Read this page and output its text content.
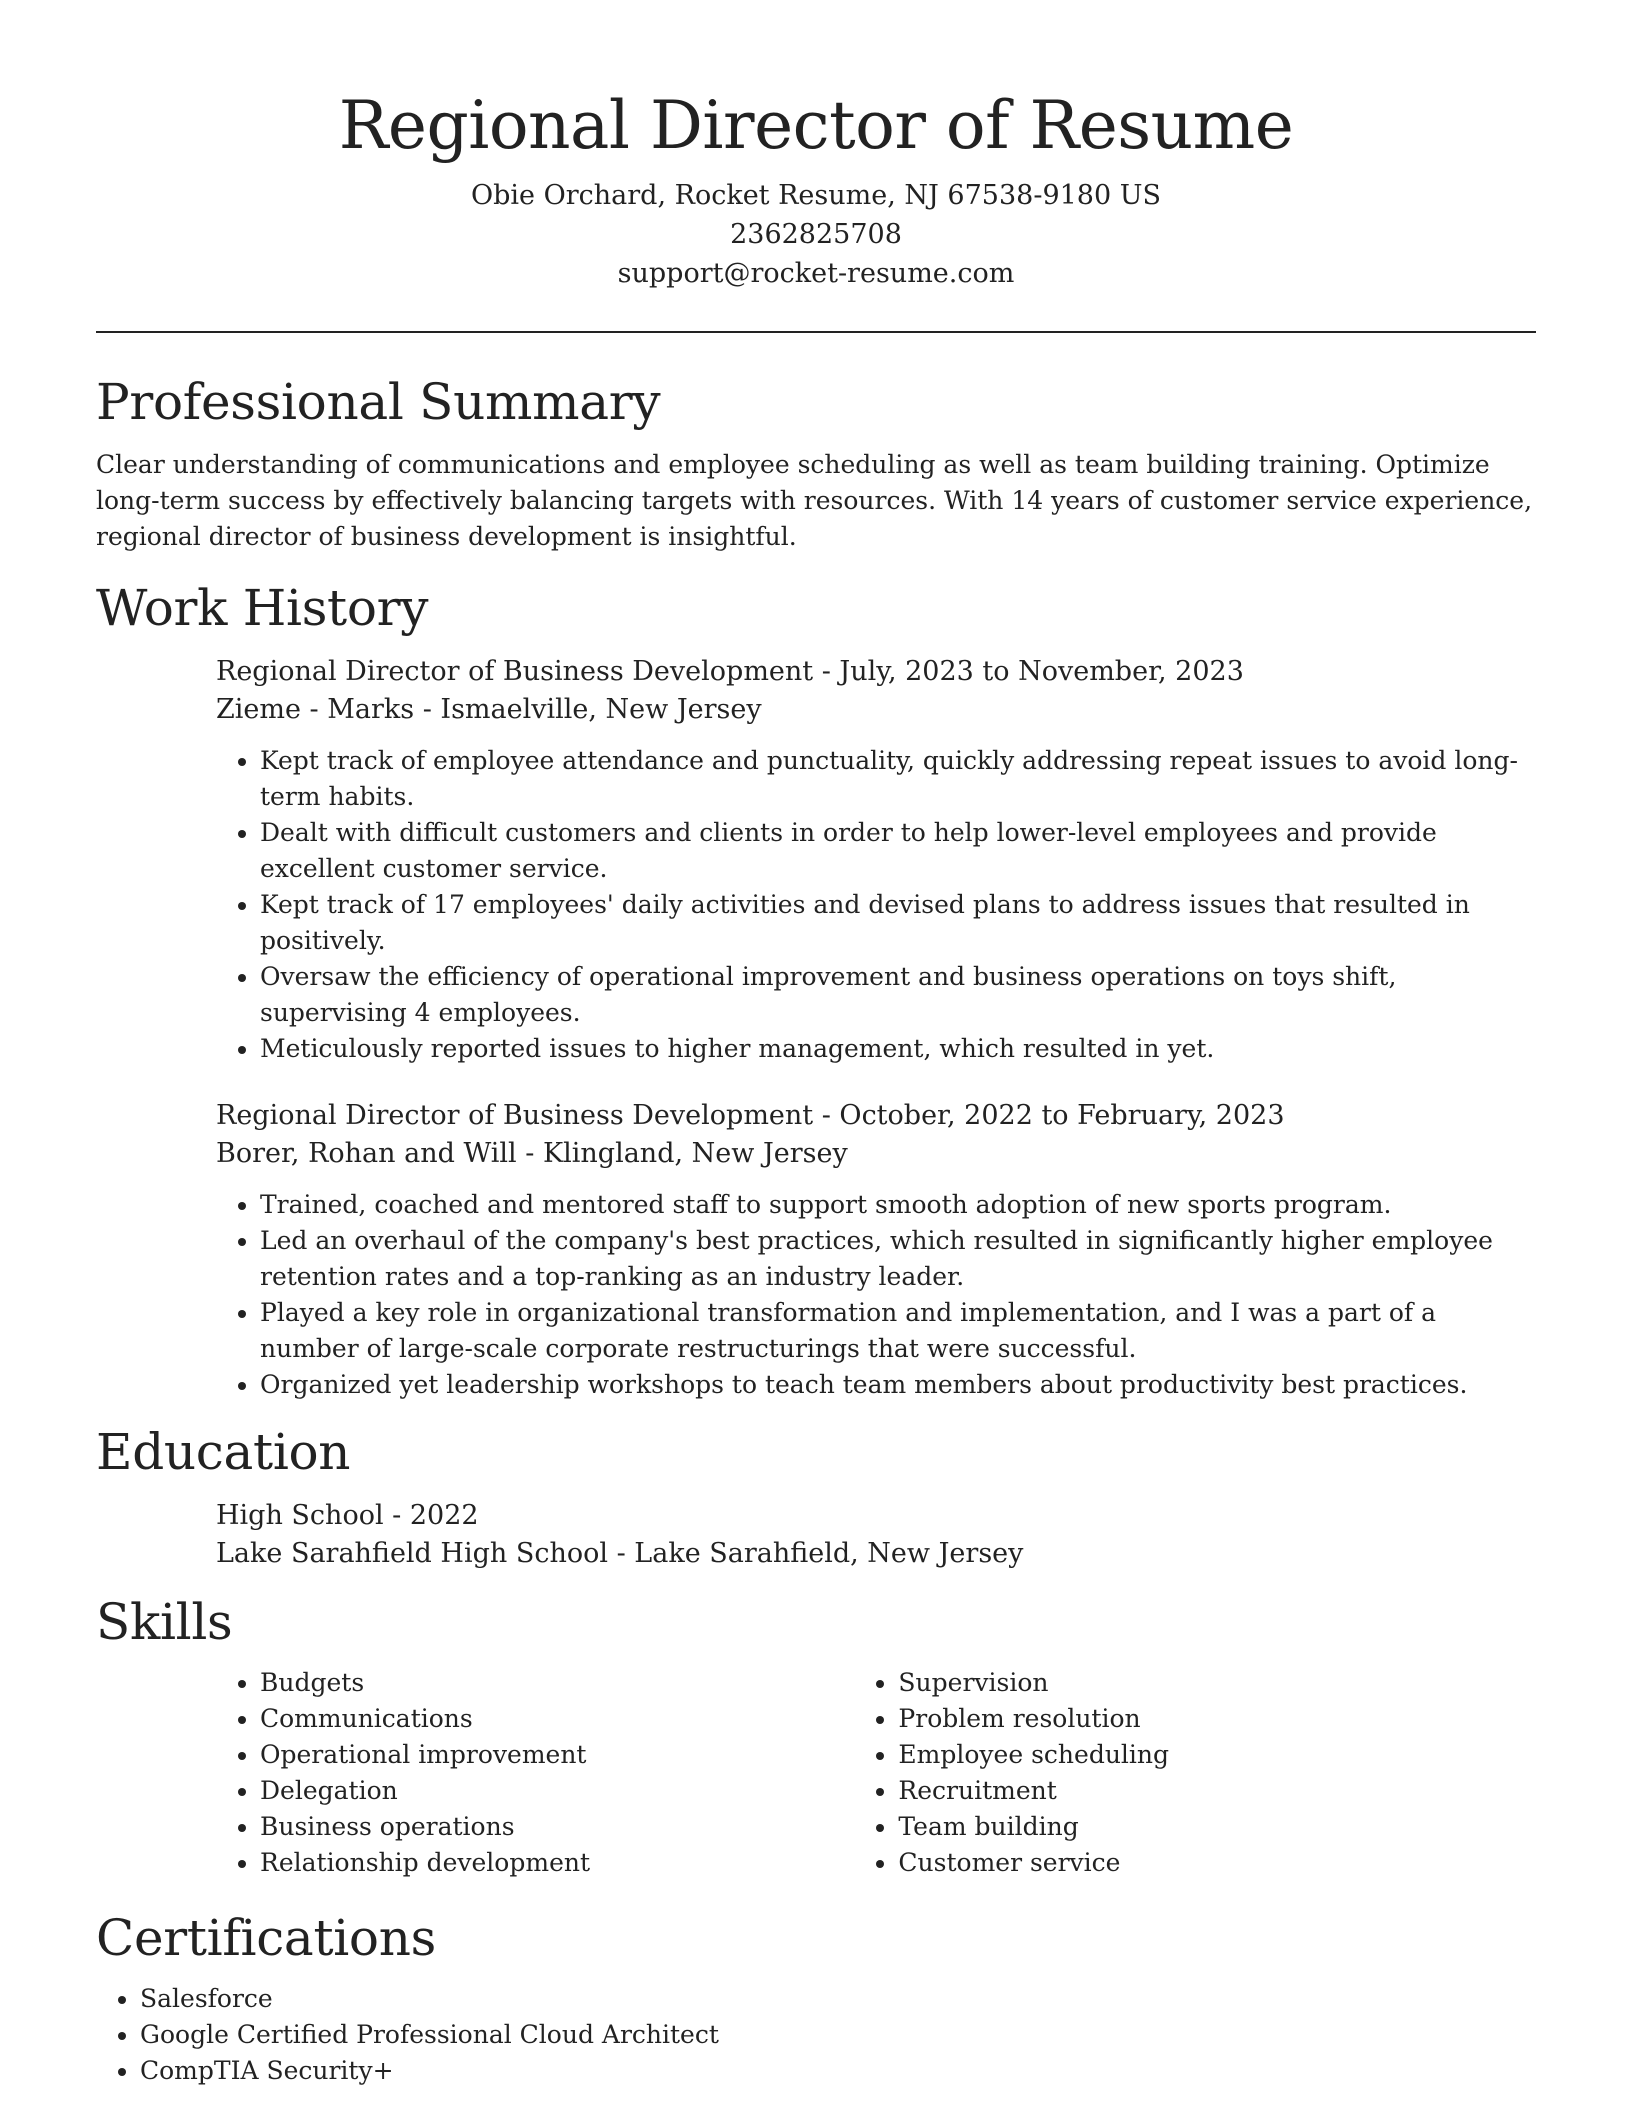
Regional Director of Resume
Obie Orchard, Rocket Resume, NJ 67538-9180 US
2362825708
support@rocket-resume.com
Professional Summary

Clear understanding of communications and employee scheduling as well as team building training. Optimize long-term success by effectively balancing targets with resources. With 14 years of customer service experience, regional director of business development is insightful.

Work History
Regional Director of Business Development - July, 2023 to November, 2023
Zieme - Marks - Ismaelville, New Jersey
• Kept track of employee attendance and punctuality, quickly addressing repeat issues to avoid long-term habits.
• Dealt with difficult customers and clients in order to help lower-level employees and provide excellent customer service.
• Kept track of 17 employees' daily activities and devised plans to address issues that resulted in positively.
• Oversaw the efficiency of operational improvement and business operations on toys shift, supervising 4 employees.
• Meticulously reported issues to higher management, which resulted in yet.
Regional Director of Business Development - October, 2022 to February, 2023
Borer, Rohan and Will - Klingland, New Jersey
• Trained, coached and mentored staff to support smooth adoption of new sports program.
• Led an overhaul of the company's best practices, which resulted in significantly higher employee retention rates and a top-ranking as an industry leader.
• Played a key role in organizational transformation and implementation, and I was a part of a number of large-scale corporate restructurings that were successful.
• Organized yet leadership workshops to teach team members about productivity best practices.
Education
High School - 2022
Lake Sarahfield High School - Lake Sarahfield, New Jersey
Skills
• Budgets
• Communications
• Operational improvement
• Delegation
• Business operations
• Relationship development
• Supervision
• Problem resolution
• Employee scheduling
• Recruitment
• Team building
• Customer service
Certifications
• Salesforce
• Google Certified Professional Cloud Architect
• CompTIA Security+
